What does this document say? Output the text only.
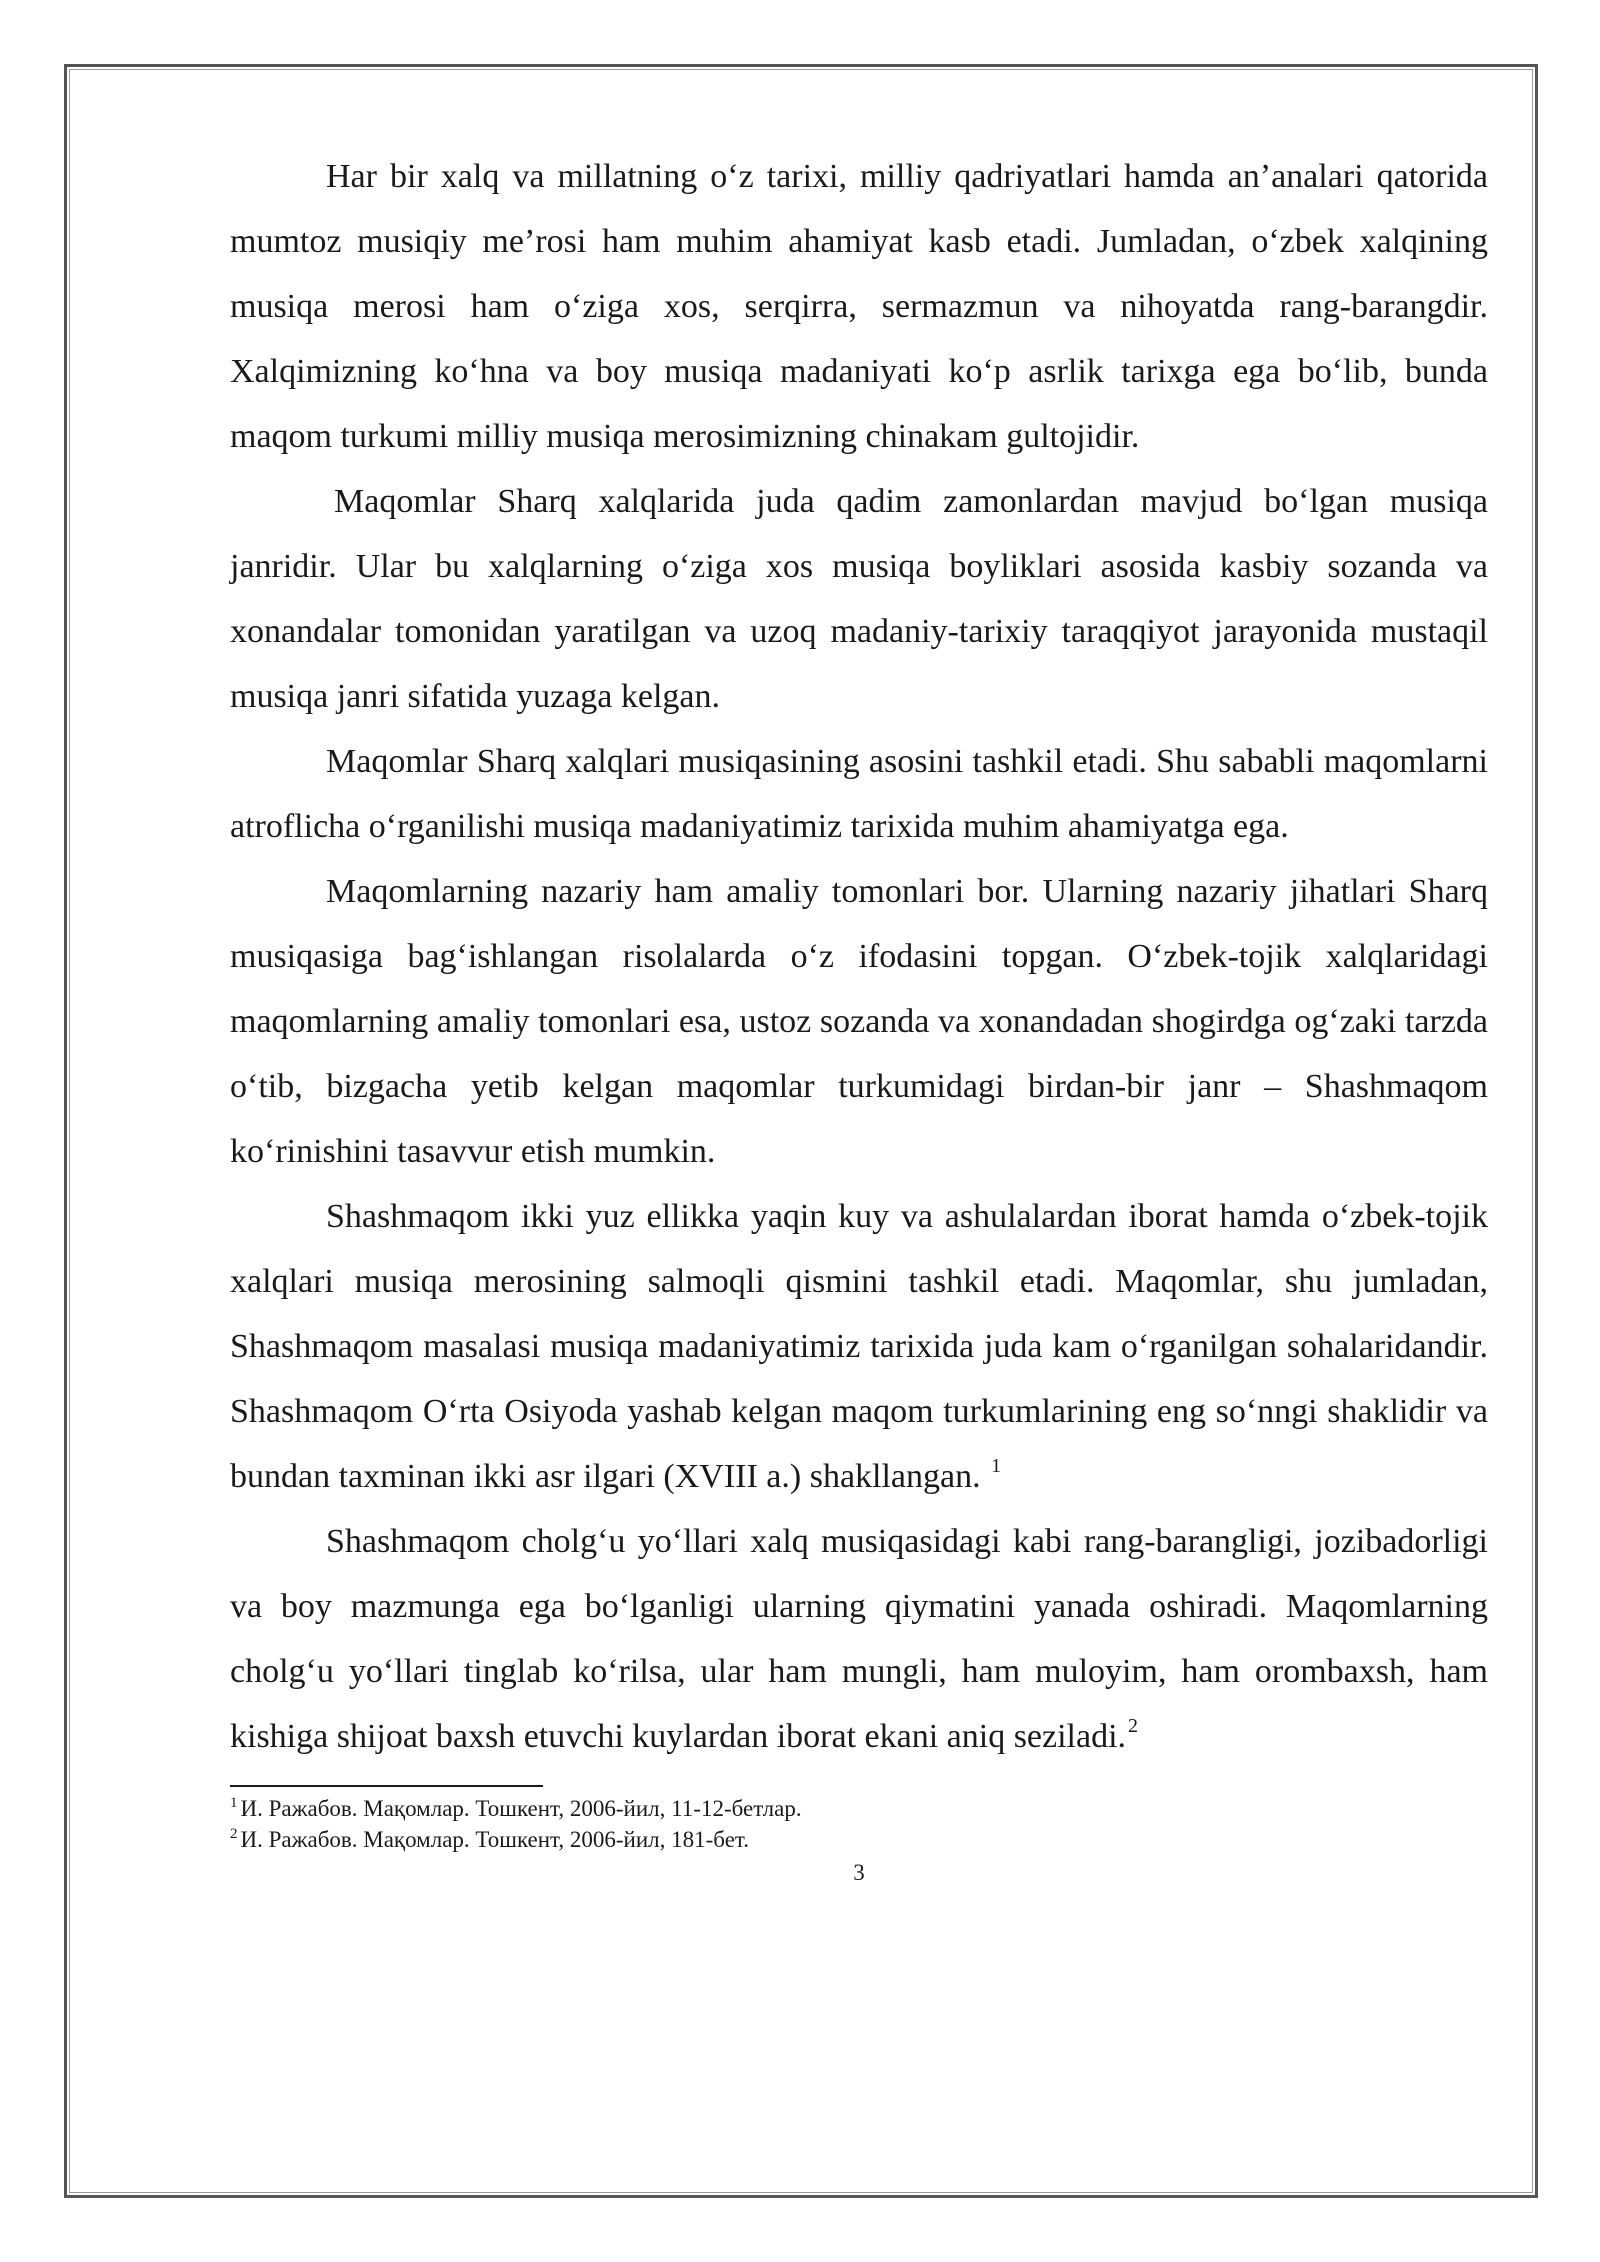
Har bir xalq va millatning o‘z tarixi, milliy qadriyatlari hamda an’analari qatorida mumtoz musiqiy me’rosi ham muhim ahamiyat kasb etadi. Jumladan, o‘zbek xalqining musiqa merosi ham o‘ziga xos, serqirra, sermazmun va nihoyatda rang-barangdir. Xalqimizning ko‘hna va boy musiqa madaniyati ko‘p asrlik tarixga ega bo‘lib, bunda maqom turkumi milliy musiqa merosimizning chinakam gultojidir.

Maqomlar Sharq xalqlarida juda qadim zamonlardan mavjud bo‘lgan musiqa janridir. Ular bu xalqlarning o‘ziga xos musiqa boyliklari asosida kasbiy sozanda va xonandalar tomonidan yaratilgan va uzoq madaniy-tarixiy taraqqiyot jarayonida mustaqil musiqa janri sifatida yuzaga kelgan.

Maqomlar Sharq xalqlari musiqasining asosini tashkil etadi. Shu sababli maqomlarni atroflicha o‘rganilishi musiqa madaniyatimiz tarixida muhim ahamiyatga ega.

Maqomlarning nazariy ham amaliy tomonlari bor. Ularning nazariy jihatlari Sharq musiqasiga bag‘ishlangan risolalarda o‘z ifodasini topgan. O‘zbek-tojik xalqlaridagi maqomlarning amaliy tomonlari esa, ustoz sozanda va xonandadan shogirdga og‘zaki tarzda o‘tib, bizgacha yetib kelgan maqomlar turkumidagi birdan-bir janr – Shashmaqom ko‘rinishini tasavvur etish mumkin.

Shashmaqom ikki yuz ellikka yaqin kuy va ashulalardan iborat hamda o‘zbek-tojik xalqlari musiqa merosining salmoqli qismini tashkil etadi. Maqomlar, shu jumladan, Shashmaqom masalasi musiqa madaniyatimiz tarixida juda kam o‘rganilgan sohalaridandir. Shashmaqom O‘rta Osiyoda yashab kelgan maqom turkumlarining eng so‘nngi shaklidir va bundan taxminan ikki asr ilgari (XVIII a.) shakllangan. $^1$

Shashmaqom cholg‘u yo‘llari xalq musiqasidagi kabi rang-barangligi, jozibadorligi va boy mazmunga ega bo‘lganligi ularning qiymatini yanada oshiradi. Maqomlarning cholg‘u yo‘llari tinglab ko‘rilsa, ular ham mungli, ham muloyim, ham orombaxsh, ham kishiga shijoat baxsh etuvchi kuylardan iborat ekani aniq seziladi. $^2$

$^1$ И. Ражабов. Мақомлар. Тошкент, 2006-йил, 11-12-бетлар.

$^2$ И. Ражабов. Мақомлар. Тошкент, 2006-йил, 181-бет.

3
